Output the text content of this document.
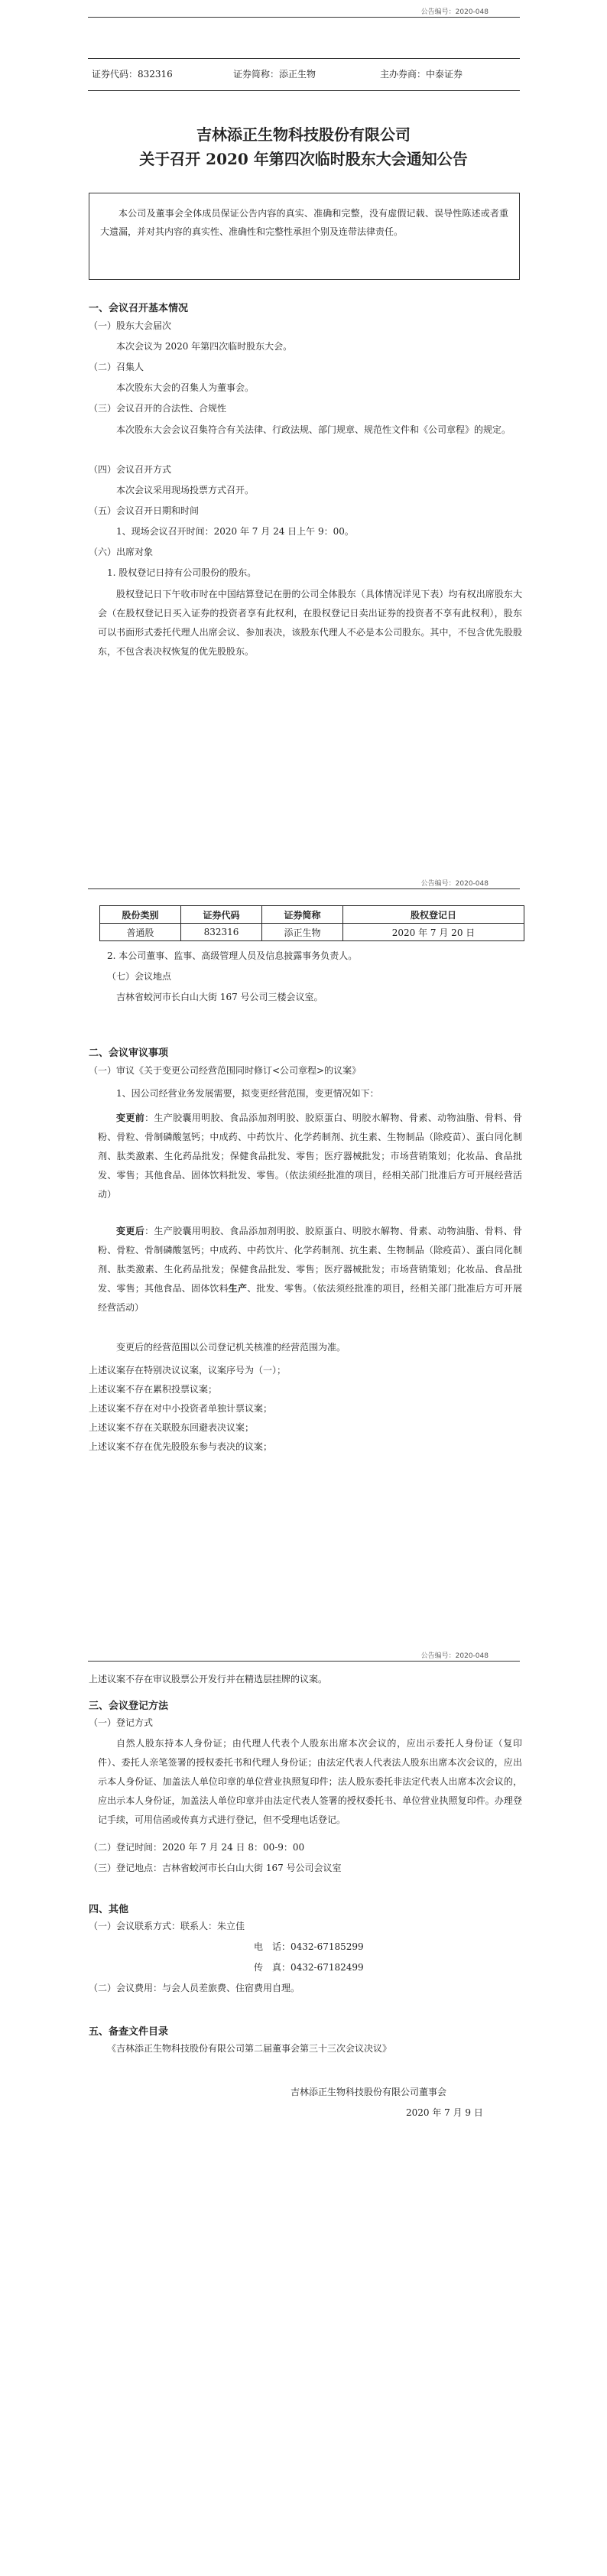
公告编号：2020-048
证券代码：832316	证券简称：添正生物	主办券商：中泰证券
吉林添正生物科技股份有限公司
关于召开 2020 年第四次临时股东大会通知公告
本公司及董事会全体成员保证公告内容的真实、准确和完整，没有虚假记载、误导性陈述或者重大遗漏，并对其内容的真实性、准确性和完整性承担个别及连带法律责任。
一、会议召开基本情况
（一）股东大会届次
本次会议为 2020 年第四次临时股东大会。
（二）召集人
本次股东大会的召集人为董事会。
（三）会议召开的合法性、合规性
本次股东大会会议召集符合有关法律、行政法规、部门规章、规范性文件和《公司章程》的规定。
（四）会议召开方式
本次会议采用现场投票方式召开。
（五）会议召开日期和时间
1、现场会议召开时间：2020 年 7 月 24 日上午 9：00。
（六）出席对象
1. 股权登记日持有公司股份的股东。
股权登记日下午收市时在中国结算登记在册的公司全体股东（具体情况详见下表）均有权出席股东大会（在股权登记日买入证券的投资者享有此权利，在股权登记日卖出证券的投资者不享有此权利），股东可以书面形式委托代理人出席会议、参加表决，该股东代理人不必是本公司股东。其中，不包含优先股股东，不包含表决权恢复的优先股股东。
公告编号：2020-048
股份类别	证券代码	证券简称	股权登记日
普通股	832316	添正生物	2020 年 7 月 20 日
2. 本公司董事、监事、高级管理人员及信息披露事务负责人。
（七）会议地点
吉林省蛟河市长白山大街 167 号公司三楼会议室。
二、会议审议事项
（一）审议《关于变更公司经营范围同时修订<公司章程>的议案》
1、因公司经营业务发展需要，拟变更经营范围，变更情况如下：
变更前：生产胶囊用明胶、食品添加剂明胶、胶原蛋白、明胶水解物、骨素、动物油脂、骨料、骨粉、骨粒、骨制磷酸氢钙；中成药、中药饮片、化学药制剂、抗生素、生物制品（除疫苗）、蛋白同化制剂、肽类激素、生化药品批发；保健食品批发、零售；医疗器械批发；市场营销策划；化妆品、食品批发、零售；其他食品、固体饮料批发、零售。（依法须经批准的项目，经相关部门批准后方可开展经营活动）
变更后：生产胶囊用明胶、食品添加剂明胶、胶原蛋白、明胶水解物、骨素、动物油脂、骨料、骨粉、骨粒、骨制磷酸氢钙；中成药、中药饮片、化学药制剂、抗生素、生物制品（除疫苗）、蛋白同化制剂、肽类激素、生化药品批发；保健食品批发、零售；医疗器械批发；市场营销策划；化妆品、食品批发、零售；其他食品、固体饮料生产、批发、零售。（依法须经批准的项目，经相关部门批准后方可开展经营活动）
变更后的经营范围以公司登记机关核准的经营范围为准。
上述议案存在特别决议议案，议案序号为（一）；
上述议案不存在累积投票议案；
上述议案不存在对中小投资者单独计票议案；
上述议案不存在关联股东回避表决议案；
上述议案不存在优先股股东参与表决的议案；
公告编号：2020-048
上述议案不存在审议股票公开发行并在精选层挂牌的议案。
三、会议登记方法
（一）登记方式
自然人股东持本人身份证；由代理人代表个人股东出席本次会议的，应出示委托人身份证（复印件）、委托人亲笔签署的授权委托书和代理人身份证；由法定代表人代表法人股东出席本次会议的，应出示本人身份证、加盖法人单位印章的单位营业执照复印件；法人股东委托非法定代表人出席本次会议的，应出示本人身份证，加盖法人单位印章并由法定代表人签署的授权委托书、单位营业执照复印件。办理登记手续，可用信函或传真方式进行登记，但不受理电话登记。
（二）登记时间：2020 年 7 月 24 日 8：00-9：00
（三）登记地点：吉林省蛟河市长白山大街 167 号公司会议室
四、其他
（一）会议联系方式：联系人：朱立佳
电　话：0432-67185299
传　真：0432-67182499
（二）会议费用：与会人员差旅费、住宿费用自理。
五、备查文件目录
《吉林添正生物科技股份有限公司第二届董事会第三十三次会议决议》
吉林添正生物科技股份有限公司董事会
2020 年 7 月 9 日
